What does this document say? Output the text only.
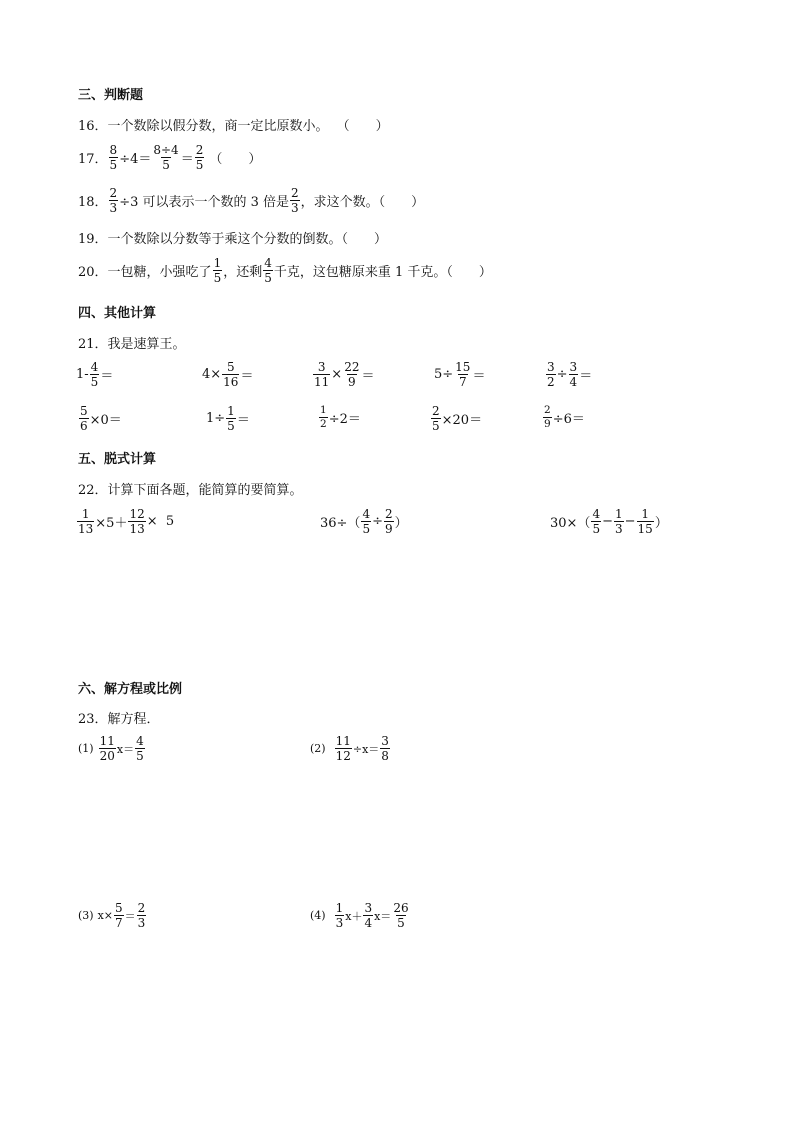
三、判断题
16． 一个数除以假分数，商一定比原数小。 （　　）
17． $\frac{8}{5} \div 4= \frac{8\div 4}{5} = \frac{2}{5}$ （　　）
18． $\frac{2}{3} \div 3$ 可以表示一个数的 3 倍是 $\frac{2}{3}$ ，求这个数。（　　）
19． 一个数除以分数等于乘这个分数的倒数。（　　）
20． 一包糖，小强吃了 $\frac{1}{5}$ ，还剩 $\frac{4}{5}$ 千克，这包糖原来重 1 千克。（　　）
四、其他计算
21． 我是速算王。
$1- \frac{4}{5}$ ＝	$4\times \frac{5}{16}$ ＝	$\frac{3}{11} \times \frac{22}{9}$ ＝	$5\div \frac{15}{7}$ ＝	$\frac{3}{2} \div \frac{3}{4}$ ＝
$\frac{5}{6} \times 0=$	$1\div \frac{1}{5}$ ＝	$\frac{1}{2} \div 2=$	$\frac{2}{5} \times 20=$	$\frac{2}{9} \div 6=$
五、脱式计算
22． 计算下面各题，能简算的要简算。
$\frac{1}{13} \times 5+ \frac{12}{13} \times 5$	$36\div( \frac{4}{5} \div \frac{2}{9}$ ）	$30\times( \frac{4}{5} - \frac{1}{3} - \frac{1}{15}$ ）
六、解方程或比例
23． 解方程．
$(1) \frac{11}{20} x= \frac{4}{5}$	$(2) \frac{11}{12} \div x= \frac{3}{8}$
(3) $x\times \frac{5}{7} = \frac{2}{3}$	$(4) \frac{1}{3} x+ \frac{3}{4} x= \frac{26}{5}$
